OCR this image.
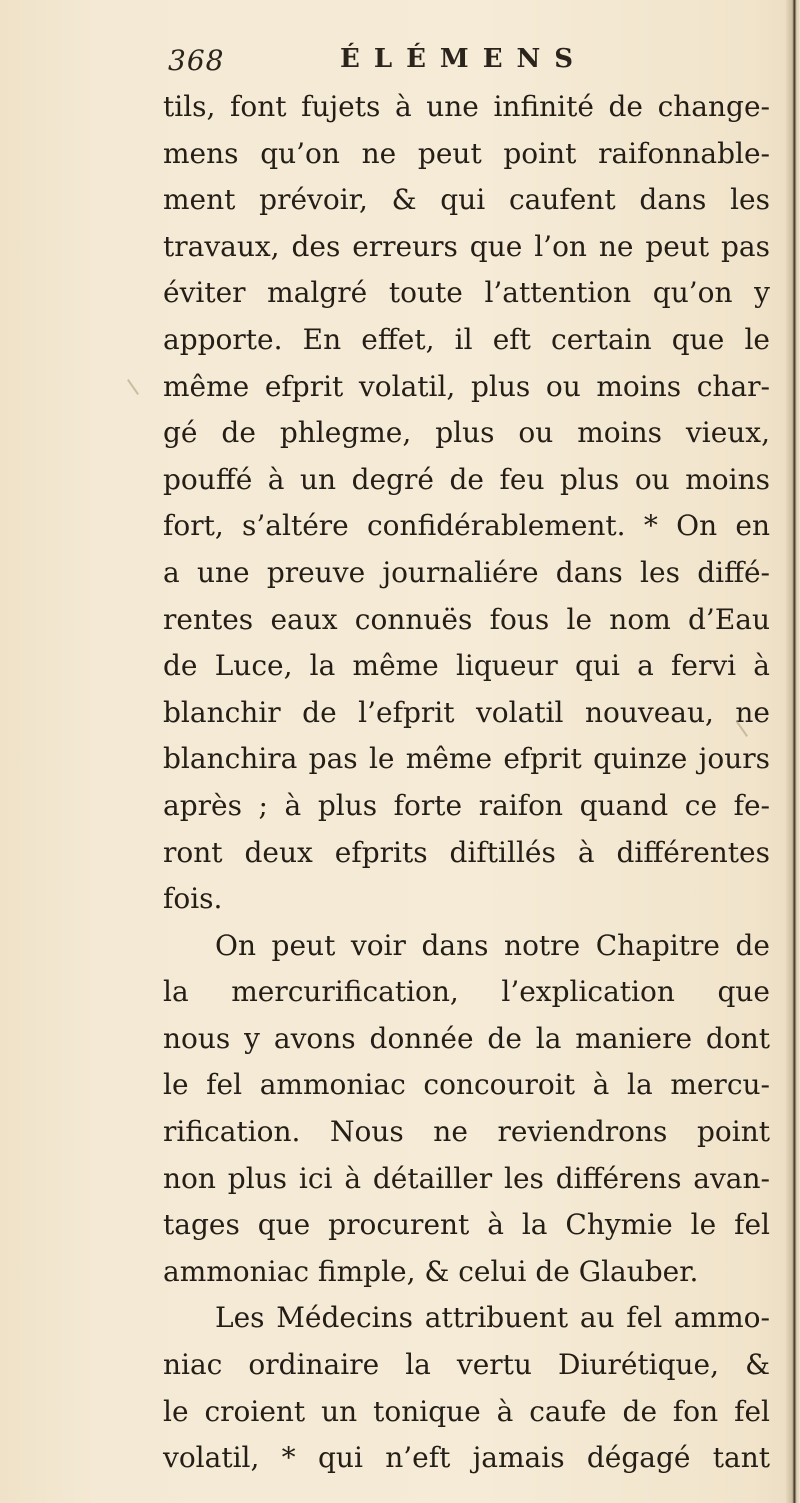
368	ÉLÉMENS
tils, font fujets à une infinité de change-
mens qu’on ne peut point raifonnable-
ment prévoir, & qui caufent dans les
travaux, des erreurs que l’on ne peut pas
éviter malgré toute l’attention qu’on y
apporte. En effet, il eft certain que le
même efprit volatil, plus ou moins char-
gé de phlegme, plus ou moins vieux,
pouffé à un degré de feu plus ou moins
fort, s’altére confidérablement. * On en
a une preuve journaliére dans les diffé-
rentes eaux connuës fous le nom d’Eau
de Luce, la même liqueur qui a fervi à
blanchir de l’efprit volatil nouveau, ne
blanchira pas le même efprit quinze jours
après ; à plus forte raifon quand ce fe-
ront deux efprits diftillés à différentes
fois.
On peut voir dans notre Chapitre de
la mercurification, l’explication que
nous y avons donnée de la maniere dont
le fel ammoniac concouroit à la mercu-
rification. Nous ne reviendrons point
non plus ici à détailler les différens avan-
tages que procurent à la Chymie le fel
ammoniac fimple, & celui de Glauber.
Les Médecins attribuent au fel ammo-
niac ordinaire la vertu Diurétique, &
le croient un tonique à caufe de fon fel
volatil, * qui n’eft jamais dégagé tant
